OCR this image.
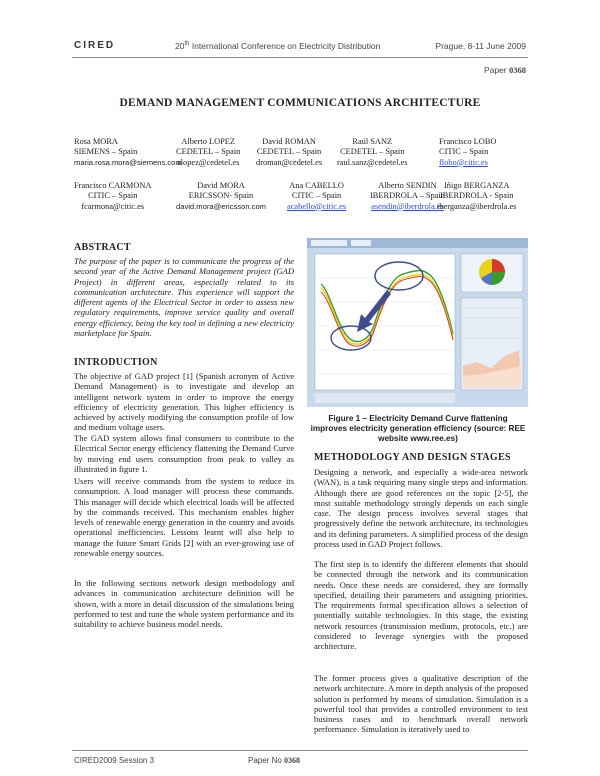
CIRED	20th International Conference on Electricity Distribution	Prague, 8-11 June 2009
Paper 0368
DEMAND MANAGEMENT COMMUNICATIONS ARCHITECTURE
Rosa MORA
SIEMENS – Spain
maria.rosa.mora@siemens.com
Alberto LOPEZ
CEDETEL – Spain
alopez@cedetel.es
David ROMAN
CEDETEL – Spain
droman@cedetel.es
Raúl SANZ
CEDETEL – Spain
raul.sanz@cedetel.es
Francisco LOBO
CITIC – Spain
flobo@citic.es
Francisco CARMONA
CITIC – Spain
fcarmona@citic.es
David MORA
ERICSSON- Spain
david.mora@ericsson.com
Ana CABELLO
CITIC – Spain
acabello@citic.es
Alberto SENDIN
IBERDROLA – Spain
asendin@iberdrola.es
Iñigo BERGANZA
IBERDROLA - Spain
iberganza@iberdrola.es
ABSTRACT
The purpose of the paper is to communicate the progress of the second year of the Active Demand Management project (GAD Project) in different areas, especially related to its communication architecture. This experience will support the different agents of the Electrical Sector in order to assess new regulatory requirements, improve service quality and overall energy efficiency, being the key tool in defining a new electricity marketplace for Spain.
INTRODUCTION
The objective of GAD project [1] (Spanish acronym of Active Demand Management) is to investigate and develop an intelligent network system in order to improve the energy efficiency of electricity generation. This higher efficiency is achieved by actively modifying the consumption profile of low and medium voltage users.
The GAD system allows final consumers to contribute to the Electrical Sector energy efficiency flattening the Demand Curve by moving end users consumption from peak to valley as illustrated in figure 1.
Users will receive commands from the system to reduce its consumption. A load manager will process these commands. This manager will decide which electrical loads will be affected by the commands received. This mechanism enables higher levels of renewable energy generation in the country and avoids operational inefficiencies. Lessons learnt will also help to manage the future Smart Grids [2] with an ever-growing use of renewable energy sources.
In the following sections network design methodology and advances in communication architecture definition will be shown, with a more in detail discussion of the simulations being performed to test and tune the whole system performance and its suitability to achieve business model needs.
Figure 1 – Electricity Demand Curve flattening improves electricity generation efficiency (source: REE website www.ree.es)
METHODOLOGY AND DESIGN STAGES
Designing a network, and especially a wide-area network (WAN), is a task requiring many single steps and information. Although there are good references on the topic [2-5], the most suitable methodology strongly depends on each single case. The design process involves several stages that progressively define the network architecture, its technologies and its defining parameters. A simplified process of the design process used in GAD Project follows.
The first step is to identify the different elements that should be connected through the network and its communication needs. Once these needs are considered, they are formally specified, detailing their parameters and assigning priorities. The requirements formal specification allows a selection of potentially suitable technologies. In this stage, the existing network resources (transmission medium, protocols, etc.) are considered to leverage synergies with the proposed architecture.
The former process gives a qualitative description of the network architecture. A more in depth analysis of the proposed solution is performed by means of simulation. Simulation is a powerful tool that provides a controlled environment to test business cases and to benchmark overall network performance. Simulation is iteratively used to
CIRED2009 Session 3	Paper No 0368
